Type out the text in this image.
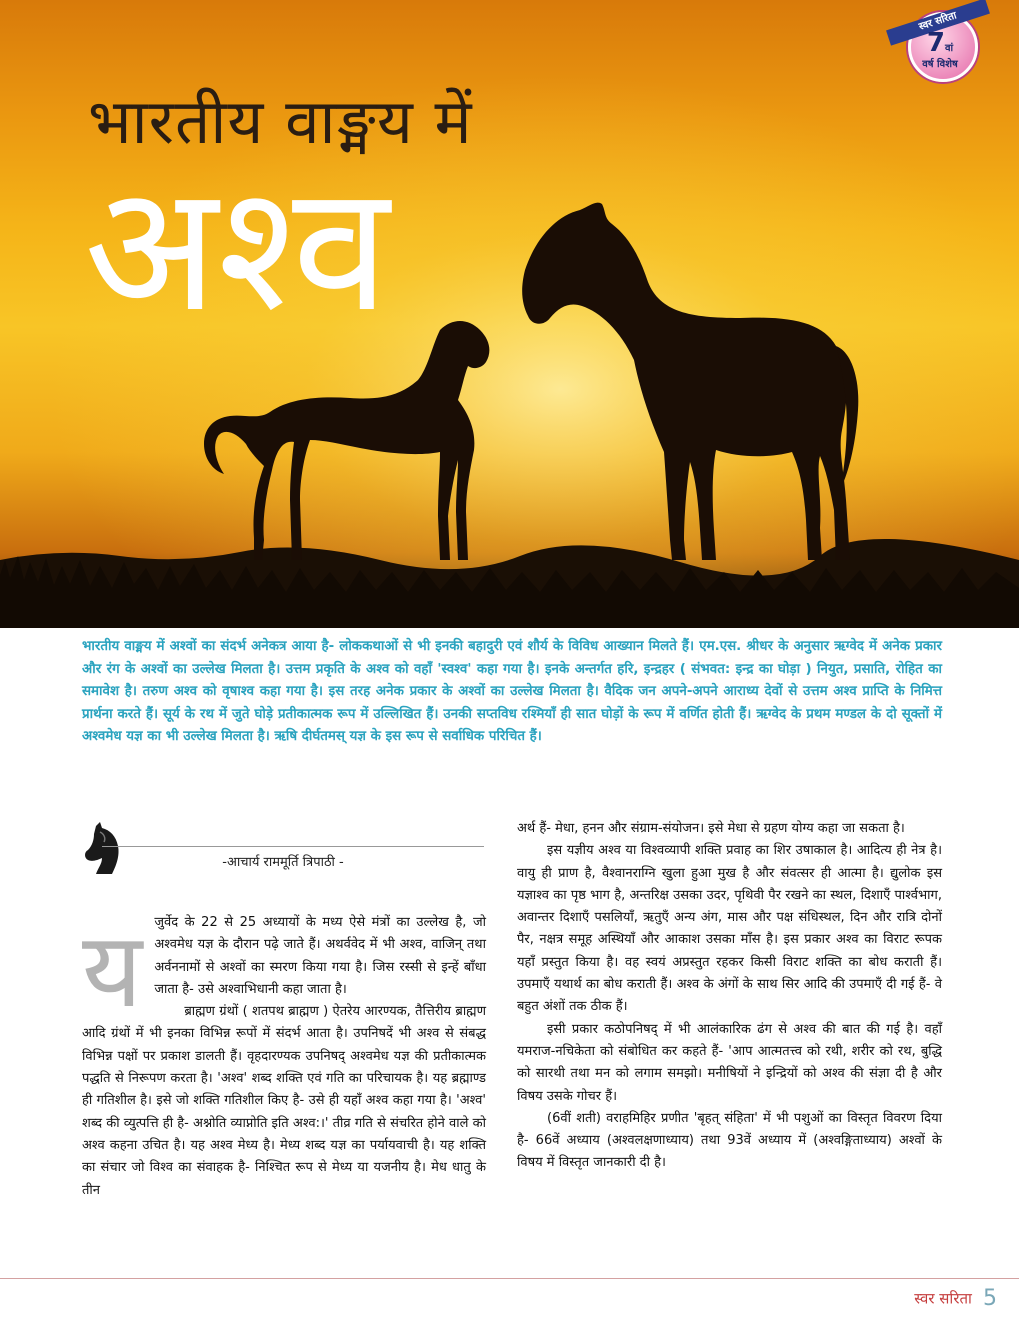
भारतीय वाङ्मय में
अश्व
स्वर सरिता
7वां
वर्ष विशेष

भारतीय वाङ्मय में अश्वों का संदर्भ अनेकत्र आया है- लोककथाओं से भी इनकी बहादुरी एवं शौर्य के विविध आख्यान मिलते हैं। एम.एस. श्रीधर के अनुसार ऋग्वेद में अनेक प्रकार और रंग के अश्वों का उल्लेख मिलता है। उत्तम प्रकृति के अश्व को वहाँ 'स्वश्व' कहा गया है। इनके अन्तर्गत हरि, इन्द्रहर ( संभवत: इन्द्र का घोड़ा ) नियुत, प्रसाति, रोहित का समावेश है। तरुण अश्व को वृषाश्व कहा गया है। इस तरह अनेक प्रकार के अश्वों का उल्लेख मिलता है। वैदिक जन अपने-अपने आराध्य देवों से उत्तम अश्व प्राप्ति के निमित्त प्रार्थना करते हैं। सूर्य के रथ में जुते घोड़े प्रतीकात्मक रूप में उल्लिखित हैं। उनकी सप्तविध रश्मियाँ ही सात घोड़ों के रूप में वर्णित होती हैं। ऋग्वेद के प्रथम मण्डल के दो सूक्तों में अश्वमेध यज्ञ का भी उल्लेख मिलता है। ऋषि दीर्घतमस् यज्ञ के इस रूप से सर्वाधिक परिचित हैं।

-आचार्य राममूर्ति त्रिपाठी -

यजुर्वेद के 22 से 25 अध्यायों के मध्य ऐसे मंत्रों का उल्लेख है, जो अश्वमेध यज्ञ के दौरान पढ़े जाते हैं। अथर्ववेद में भी अश्व, वाजिन् तथा अर्वननामों से अश्वों का स्मरण किया गया है। जिस रस्सी से इन्हें बाँधा जाता है- उसे अश्वाभिधानी कहा जाता है।

ब्राह्मण ग्रंथों ( शतपथ ब्राह्मण ) ऐतरेय आरण्यक, तैत्तिरीय ब्राह्मण आदि ग्रंथों में भी इनका विभिन्न रूपों में संदर्भ आता है। उपनिषदें भी अश्व से संबद्ध विभिन्न पक्षों पर प्रकाश डालती हैं। वृहदारण्यक उपनिषद् अश्वमेध यज्ञ की प्रतीकात्मक पद्धति से निरूपण करता है। 'अश्व' शब्द शक्ति एवं गति का परिचायक है। यह ब्रह्माण्ड ही गतिशील है। इसे जो शक्ति गतिशील किए है- उसे ही यहाँ अश्व कहा गया है। 'अश्व' शब्द की व्युत्पत्ति ही है- अश्नोति व्याप्नोति इति अश्व:।' तीव्र गति से संचरित होने वाले को अश्व कहना उचित है। यह अश्व मेध्य है। मेध्य शब्द यज्ञ का पर्यायवाची है। यह शक्ति का संचार जो विश्व का संवाहक है- निश्चित रूप से मेध्य या यजनीय है। मेध धातु के तीन

अर्थ हैं- मेधा, हनन और संग्राम-संयोजन। इसे मेधा से ग्रहण योग्य कहा जा सकता है।

इस यज्ञीय अश्व या विश्वव्यापी शक्ति प्रवाह का शिर उषाकाल है। आदित्य ही नेत्र है। वायु ही प्राण है, वैश्वानराग्नि खुला हुआ मुख है और संवत्सर ही आत्मा है। द्युलोक इस यज्ञाश्व का पृष्ठ भाग है, अन्तरिक्ष उसका उदर, पृथिवी पैर रखने का स्थल, दिशाएँ पार्श्वभाग, अवान्तर दिशाएँ पसलियाँ, ऋतुएँ अन्य अंग, मास और पक्ष संधिस्थल, दिन और रात्रि दोनों पैर, नक्षत्र समूह अस्थियाँ और आकाश उसका माँस है। इस प्रकार अश्व का विराट रूपक यहाँ प्रस्तुत किया है। वह स्वयं अप्रस्तुत रहकर किसी विराट शक्ति का बोध कराती हैं। उपमाएँ यथार्थ का बोध कराती हैं। अश्व के अंगों के साथ सिर आदि की उपमाएँ दी गई हैं- वे बहुत अंशों तक ठीक हैं।

इसी प्रकार कठोपनिषद् में भी आलंकारिक ढंग से अश्व की बात की गई है। वहाँ यमराज-नचिकेता को संबोधित कर कहते हैं- 'आप आत्मतत्त्व को रथी, शरीर को रथ, बुद्धि को सारथी तथा मन को लगाम समझो। मनीषियों ने इन्द्रियों को अश्व की संज्ञा दी है और विषय उसके गोचर हैं।

(6वीं शती) वराहमिहिर प्रणीत 'बृहत् संहिता' में भी पशुओं का विस्तृत विवरण दिया है- 66वें अध्याय (अश्वलक्षणाध्याय) तथा 93वें अध्याय में (अश्वङ्गिताध्याय) अश्वों के विषय में विस्तृत जानकारी दी है।

स्वर सरिता 5
